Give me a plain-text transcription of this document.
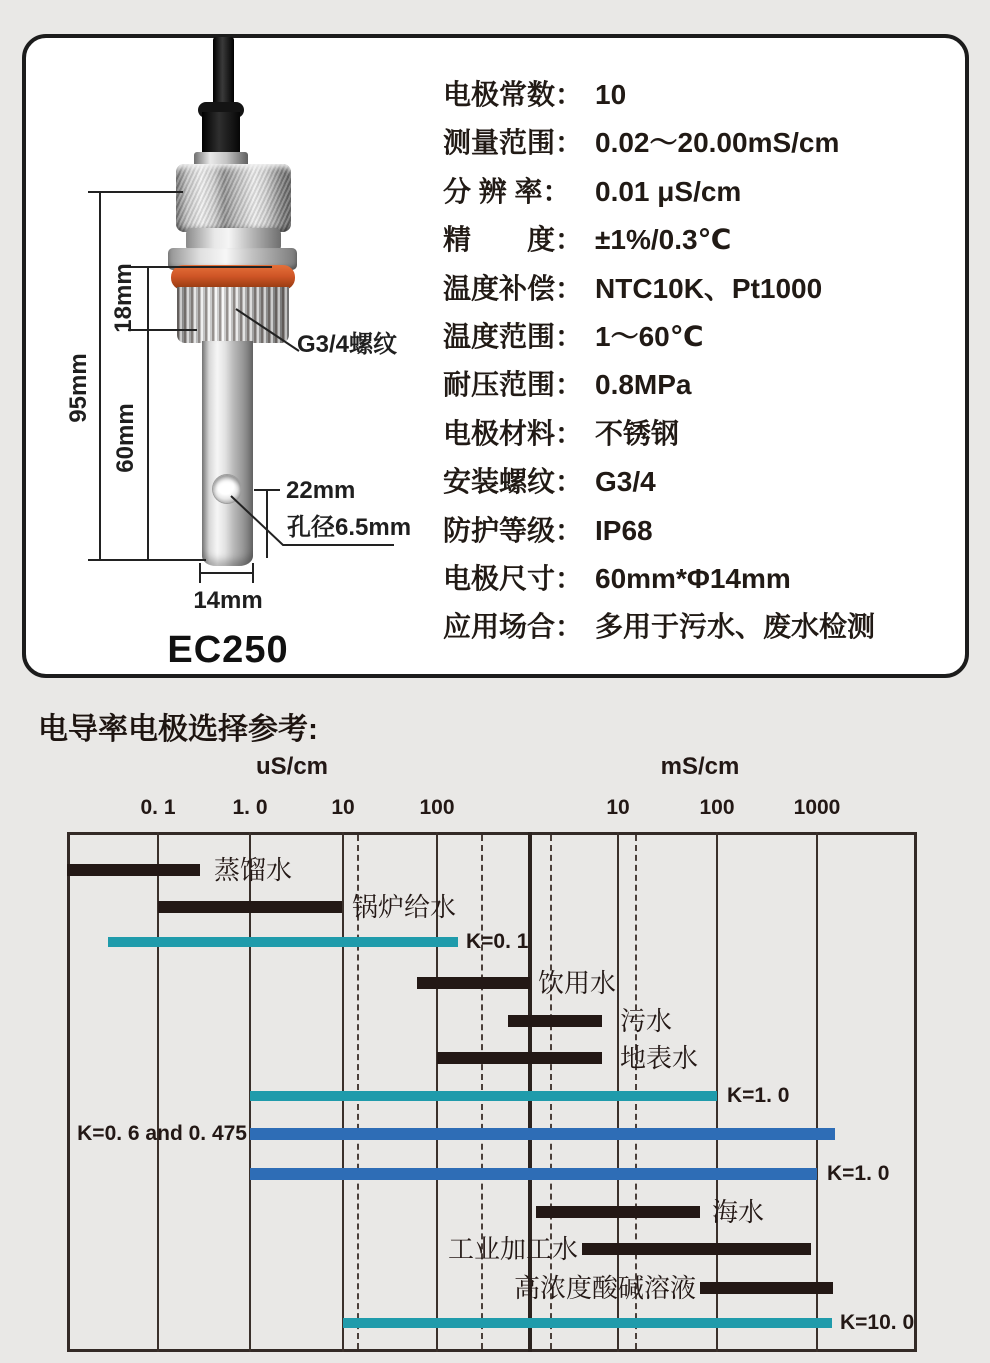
95mm
18mm
60mm
G3/4螺纹
22mm
孔径6.5mm
14mm
EC250
电极常数： 10
测量范围： 0.02～20.00mS/cm
分 辨 率： 0.01 μS/cm
精　　度： ±1%/0.3℃
温度补偿： NTC10K、Pt1000
温度范围： 1～60℃
耐压范围： 0.8MPa
电极材料： 不锈钢
安装螺纹： G3/4
防护等级： IP68
电极尺寸： 60mm*Φ14mm
应用场合： 多用于污水、废水检测
电导率电极选择参考:
uS/cm	mS/cm
0. 1	1. 0	10	100	10	100	1000
蒸馏水
锅炉给水
K=0. 1
饮用水
污水
地表水
K=1. 0
K=0. 6 and 0. 475
K=1. 0
海水
工业加工水
高浓度酸碱溶液
K=10. 0
